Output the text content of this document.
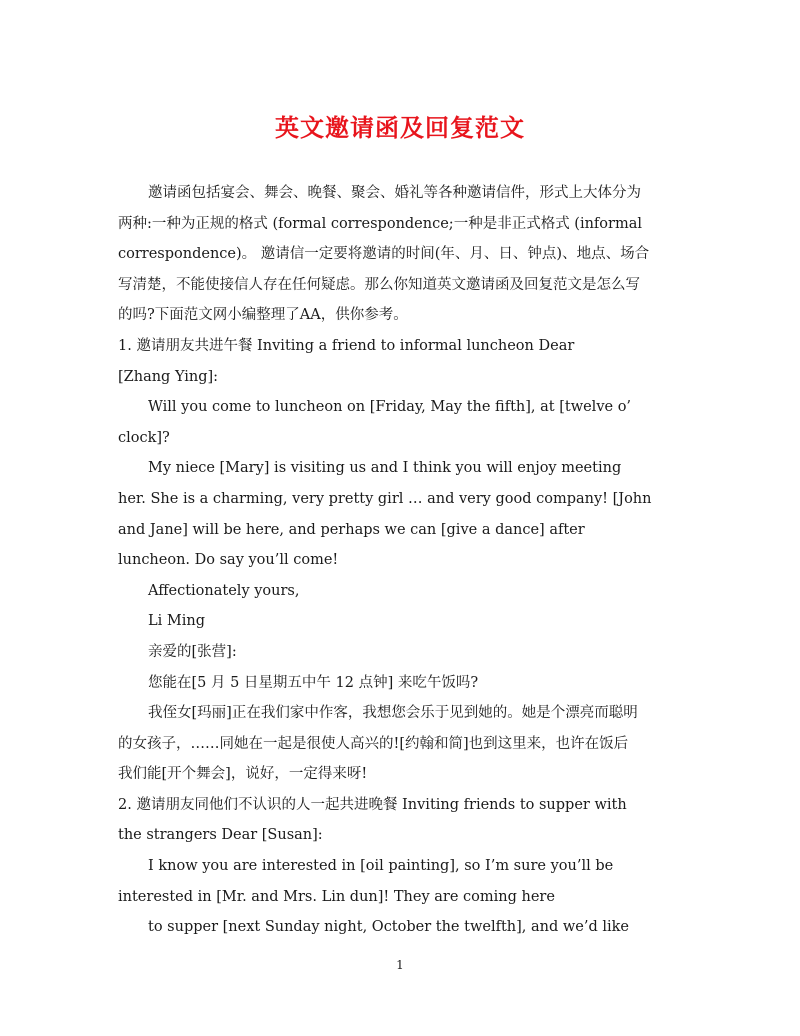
英文邀请函及回复范文
邀请函包括宴会、舞会、晚餐、聚会、婚礼等各种邀请信件，形式上大体分为
两种:一种为正规的格式 (formal correspondence;一种是非正式格式 (informal
correspondence)。 邀请信一定要将邀请的时间(年、月、日、钟点)、地点、场合
写清楚，不能使接信人存在任何疑虑。那么你知道英文邀请函及回复范文是怎么写
的吗?下面范文网小编整理了AA，供你参考。
1. 邀请朋友共进午餐 Inviting a friend to informal luncheon Dear
[Zhang Ying]:
Will you come to luncheon on [Friday, May the fifth], at [twelve o’
clock]?
My niece [Mary] is visiting us and I think you will enjoy meeting
her. She is a charming, very pretty girl … and very good company! [John
and Jane] will be here, and perhaps we can [give a dance] after
luncheon. Do say you’ll come!
Affectionately yours,
Li Ming
亲爱的[张营]:
您能在[5 月 5 日星期五中午 12 点钟] 来吃午饭吗?
我侄女[玛丽]正在我们家中作客，我想您会乐于见到她的。她是个漂亮而聪明
的女孩子，……同她在一起是很使人高兴的![约翰和简]也到这里来，也许在饭后
我们能[开个舞会]，说好，一定得来呀!
2. 邀请朋友同他们不认识的人一起共进晚餐 Inviting friends to supper with
the strangers Dear [Susan]:
I know you are interested in [oil painting], so I’m sure you’ll be
interested in [Mr. and Mrs. Lin dun]! They are coming here
to supper [next Sunday night, October the twelfth], and we’d like
1
